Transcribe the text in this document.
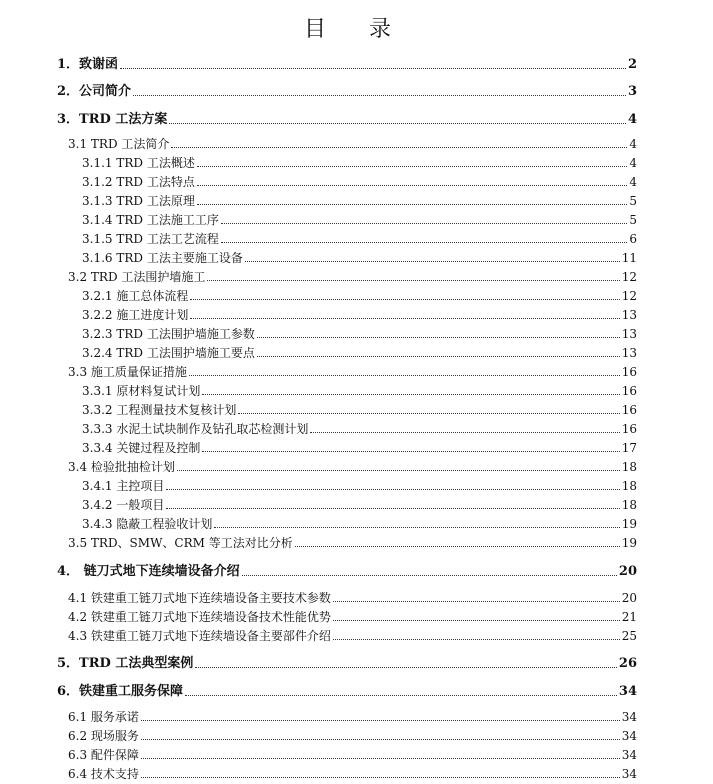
目 录
1．致谢函	2
2．公司简介	3
3．TRD 工法方案	4
3.1 TRD 工法简介	4
3.1.1 TRD 工法概述	4
3.1.2 TRD 工法特点	4
3.1.3 TRD 工法原理	5
3.1.4 TRD 工法施工工序	5
3.1.5 TRD 工法工艺流程	6
3.1.6 TRD 工法主要施工设备	11
3.2 TRD 工法围护墙施工	12
3.2.1 施工总体流程	12
3.2.2 施工进度计划	13
3.2.3 TRD 工法围护墙施工参数	13
3.2.4 TRD 工法围护墙施工要点	13
3.3 施工质量保证措施	16
3.3.1 原材料复试计划	16
3.3.2 工程测量技术复核计划	16
3.3.3 水泥土试块制作及钻孔取芯检测计划	16
3.3.4 关键过程及控制	17
3.4 检验批抽检计划	18
3.4.1 主控项目	18
3.4.2 一般项目	18
3.4.3 隐蔽工程验收计划	19
3.5 TRD、SMW、CRM 等工法对比分析	19
4． 链刀式地下连续墙设备介绍	20
4.1 铁建重工链刀式地下连续墙设备主要技术参数	20
4.2 铁建重工链刀式地下连续墙设备技术性能优势	21
4.3 铁建重工链刀式地下连续墙设备主要部件介绍	25
5．TRD 工法典型案例	26
6．铁建重工服务保障	34
6.1 服务承诺	34
6.2 现场服务	34
6.3 配件保障	34
6.4 技术支持	34
